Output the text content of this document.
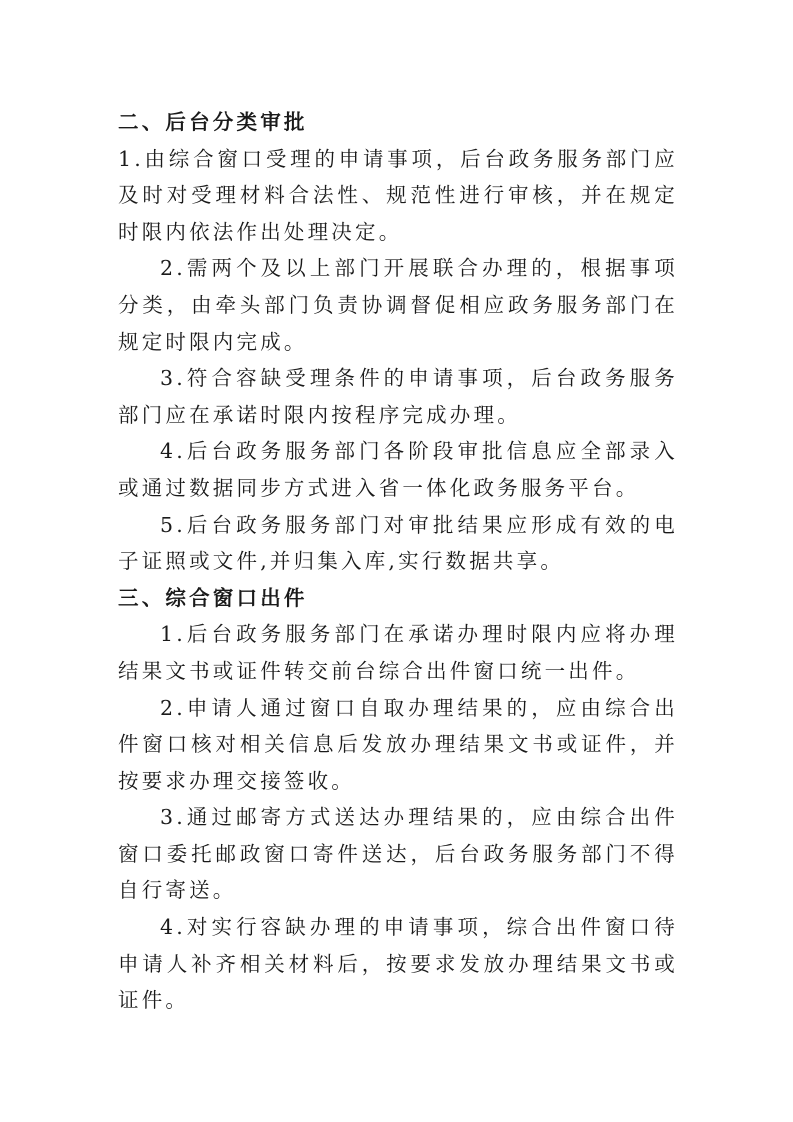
二、后台分类审批

1.由综合窗口受理的申请事项，后台政务服务部门应及时对受理材料合法性、规范性进行审核，并在规定时限内依法作出处理决定。

2.需两个及以上部门开展联合办理的，根据事项分类，由牵头部门负责协调督促相应政务服务部门在规定时限内完成。

3.符合容缺受理条件的申请事项，后台政务服务部门应在承诺时限内按程序完成办理。

4.后台政务服务部门各阶段审批信息应全部录入或通过数据同步方式进入省一体化政务服务平台。

5.后台政务服务部门对审批结果应形成有效的电子证照或文件,并归集入库,实行数据共享。

三、综合窗口出件

1.后台政务服务部门在承诺办理时限内应将办理结果文书或证件转交前台综合出件窗口统一出件。

2.申请人通过窗口自取办理结果的，应由综合出件窗口核对相关信息后发放办理结果文书或证件，并按要求办理交接签收。

3.通过邮寄方式送达办理结果的，应由综合出件窗口委托邮政窗口寄件送达，后台政务服务部门不得自行寄送。

4.对实行容缺办理的申请事项，综合出件窗口待申请人补齐相关材料后，按要求发放办理结果文书或证件。
